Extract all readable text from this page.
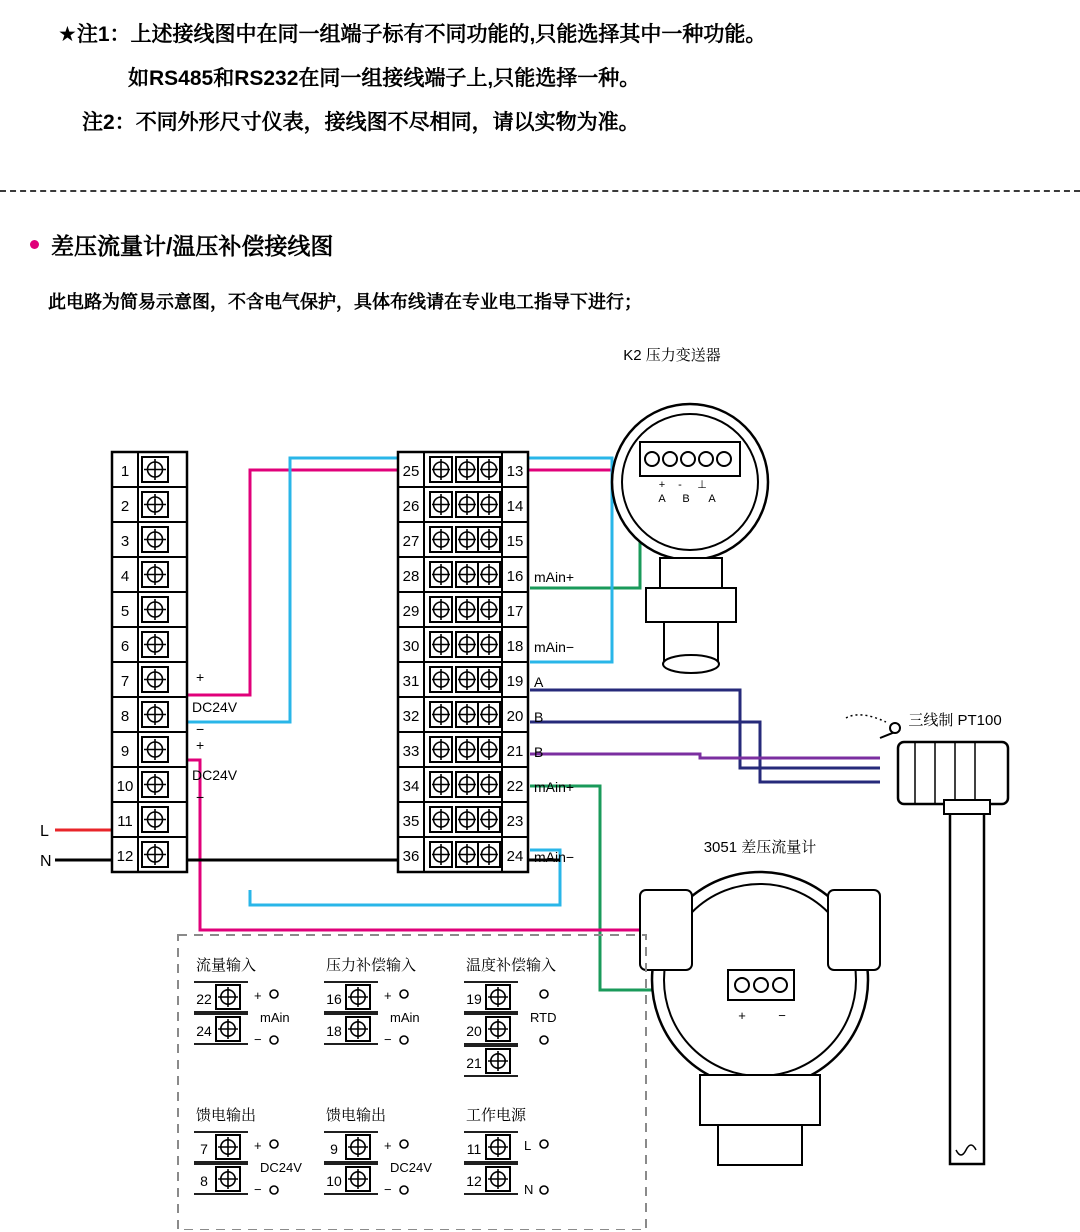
★注1： 上述接线图中在同一组端子标有不同功能的,只能选择其中一种功能。
如RS485和RS232在同一组接线端子上,只能选择一种。
注2： 不同外形尺寸仪表，接线图不尽相同，请以实物为准。
差压流量计/温压补偿接线图
此电路为简易示意图，不含电气保护，具体布线请在专业电工指导下进行；
1
2
3
4
5
6
7
8
9
10
11
12
+
DC24V
−
+
DC24V
−
25	13
26	14
27	15
28	16 mAin+
29	17
30	18 mAin−
31	19 A
32	20 B
33	21 B
34	22 mAin+
35	23
36	24 mAin−
K2 压力变送器
+ - ⊥
A B A
三线制 PT100
3051 差压流量计
+ −
流量输入
22
24
+
−
mAin
压力补偿输入
16
18
+
−
mAin
温度补偿输入
19
20
21
RTD
馈电输出
7
8
+
−
DC24V
馈电输出
9
10
+
−
DC24V
工作电源
11
12
L
N
L
N
